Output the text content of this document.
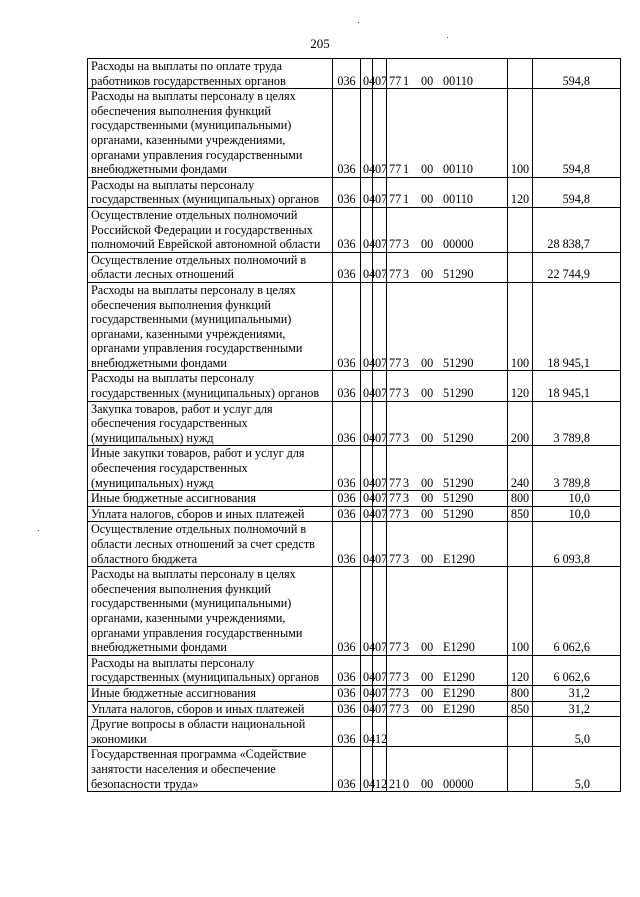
205
Расходы на выплаты по оплате труда работников государственных органов	036	04	07	77 1 00 00110		594,8
Расходы на выплаты персоналу в целях обеспечения выполнения функций государственными (муниципальными) органами, казенными учреждениями, органами управления государственными внебюджетными фондами	036	04	07	77 1 00 00110	100	594,8
Расходы на выплаты персоналу государственных (муниципальных) органов	036	04	07	77 1 00 00110	120	594,8
Осуществление отдельных полномочий Российской Федерации и государственных полномочий Еврейской автономной области	036	04	07	77 3 00 00000		28 838,7
Осуществление отдельных полномочий в области лесных отношений	036	04	07	77 3 00 51290		22 744,9
Расходы на выплаты персоналу в целях обеспечения выполнения функций государственными (муниципальными) органами, казенными учреждениями, органами управления государственными внебюджетными фондами	036	04	07	77 3 00 51290	100	18 945,1
Расходы на выплаты персоналу государственных (муниципальных) органов	036	04	07	77 3 00 51290	120	18 945,1
Закупка товаров, работ и услуг для обеспечения государственных (муниципальных) нужд	036	04	07	77 3 00 51290	200	3 789,8
Иные закупки товаров, работ и услуг для обеспечения государственных (муниципальных) нужд	036	04	07	77 3 00 51290	240	3 789,8
Иные бюджетные ассигнования	036	04	07	77 3 00 51290	800	10,0
Уплата налогов, сборов и иных платежей	036	04	07	77 3 00 51290	850	10,0
Осуществление отдельных полномочий в области лесных отношений за счет средств областного бюджета	036	04	07	77 3 00 E1290		6 093,8
Расходы на выплаты персоналу в целях обеспечения выполнения функций государственными (муниципальными) органами, казенными учреждениями, органами управления государственными внебюджетными фондами	036	04	07	77 3 00 E1290	100	6 062,6
Расходы на выплаты персоналу государственных (муниципальных) органов	036	04	07	77 3 00 E1290	120	6 062,6
Иные бюджетные ассигнования	036	04	07	77 3 00 E1290	800	31,2
Уплата налогов, сборов и иных платежей	036	04	07	77 3 00 E1290	850	31,2
Другие вопросы в области национальной экономики	036	04	12			5,0
Государственная программа «Содействие занятости населения и обеспечение безопасности труда»	036	04	12	21 0 00 00000		5,0
